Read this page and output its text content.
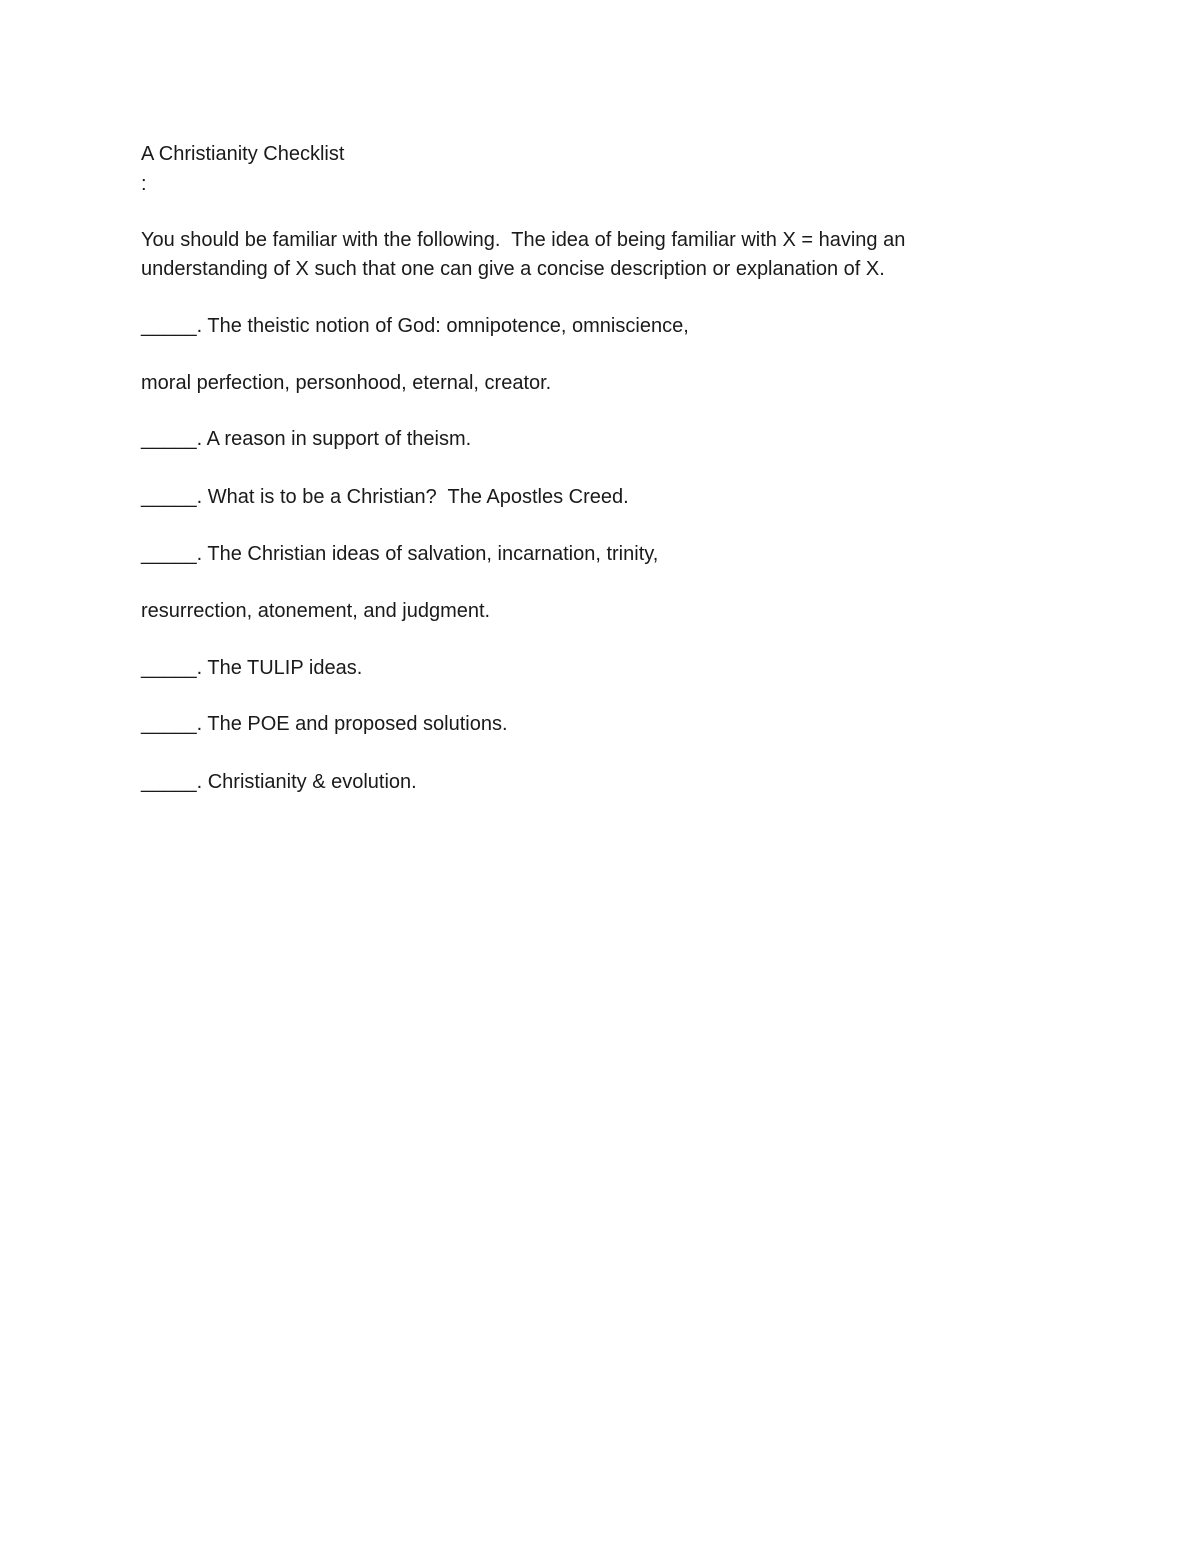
A Christianity Checklist

:

You should be familiar with the following.  The idea of being familiar with X = having an

understanding of X such that one can give a concise description or explanation of X.

_____. The theistic notion of God: omnipotence, omniscience,

moral perfection, personhood, eternal, creator.

_____. A reason in support of theism.

_____. What is to be a Christian?  The Apostles Creed.

_____. The Christian ideas of salvation, incarnation, trinity,

resurrection, atonement, and judgment.

_____. The TULIP ideas.

_____. The POE and proposed solutions.

_____. Christianity & evolution.
